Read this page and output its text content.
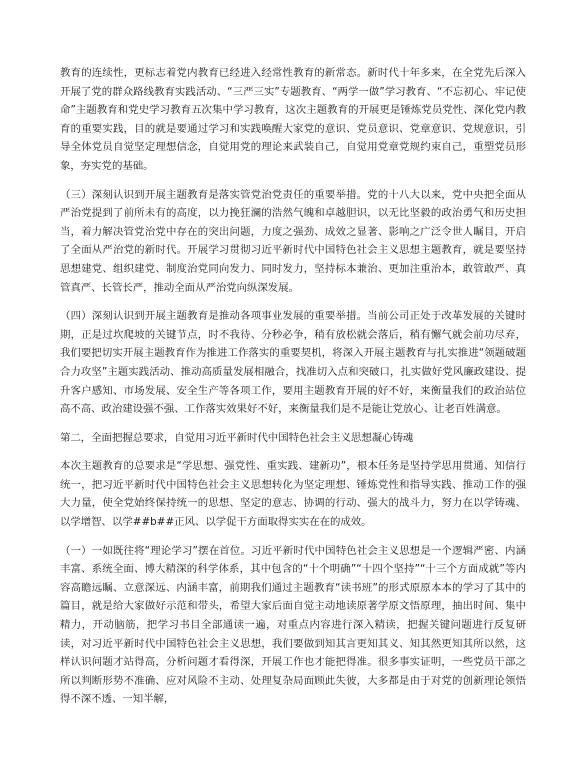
教育的连续性，更标志着党内教育已经进入经常性教育的新常态。新时代十年多来，在全党先后深入开展了党的群众路线教育实践活动、“三严三实”专题教育、“两学一做”学习教育、“不忘初心、牢记使命”主题教育和党史学习教育五次集中学习教育，这次主题教育的开展更是锤炼党员党性、深化党内教育的重要实践，目的就是要通过学习和实践唤醒大家党的意识、党员意识、党章意识、党规意识，引导全体党员自觉坚定理想信念，自觉用党的理论来武装自己，自觉用党章党规约束自己，重塑党员形象，夯实党的基础。

（三）深刻认识到开展主题教育是落实管党治党责任的重要举措。党的十八大以来，党中央把全面从严治党提到了前所未有的高度，以力挽狂澜的浩然气魄和卓越胆识，以无比坚毅的政治勇气和历史担当，着力解决管党治党中存在的突出问题，力度之强劲、成效之显著、影响之广泛令世人瞩目，开启了全面从严治党的新时代。开展学习贯彻习近平新时代中国特色社会主义思想主题教育，就是要坚持思想建党、组织建党、制度治党同向发力、同时发力，坚持标本兼治、更加注重治本，敢管敢严、真管真严、长管长严，推动全面从严治党向纵深发展。

（四）深刻认识到开展主题教育是推动各项事业发展的重要举措。当前公司正处于改革发展的关键时期，正是过坎爬坡的关键节点，时不我待、分秒必争，稍有放松就会落后，稍有懈气就会前功尽弃，我们要把切实开展主题教育作为推进工作落实的重要契机，将深入开展主题教育与扎实推进“领题破题合力攻坚”主题实践活动、推动高质量发展相融合，找准切入点和突破口，扎实做好党风廉政建设、提升客户感知、市场发展、安全生产等各项工作，要用主题教育开展的好不好，来衡量我们的政治站位高不高、政治建设强不强、工作落实效果好不好，来衡量我们是不是能让党放心、让老百姓满意。

第二，全面把握总要求，自觉用习近平新时代中国特色社会主义思想凝心铸魂

本次主题教育的总要求是“学思想、强党性、重实践、建新功”，根本任务是坚持学思用贯通、知信行统一，把习近平新时代中国特色社会主义思想转化为坚定理想、锤炼党性和指导实践、推动工作的强大力量，使全党始终保持统一的思想、坚定的意志、协调的行动、强大的战斗力，努力在以学铸魂、以学增智、以学##b##正风、以学促干方面取得实实在在的成效。

（一）一如既往将“理论学习”摆在首位。习近平新时代中国特色社会主义思想是一个逻辑严密、内涵丰富、系统全面、博大精深的科学体系，其中包含的“十个明确”“十四个坚持”“十三个方面成就”等内容高瞻远瞩、立意深远、内涵丰富，前期我们通过主题教育“读书班”的形式原原本本的学习了其中的篇目，就是给大家做好示范和带头，希望大家后面自觉主动地读原著学原文悟原理，抽出时间、集中精力，开动脑筋，把学习书目全部通读一遍，对重点内容进行深入精读，把握关键问题进行反复研读，对习近平新时代中国特色社会主义思想，我们要做到知其言更知其义、知其然更知其所以然，这样认识问题才站得高，分析问题才看得深，开展工作也才能把得准。很多事实证明，一些党员干部之所以判断形势不准确、应对风险不主动、处理复杂局面顾此失彼，大多都是由于对党的创新理论领悟得不深不透、一知半解，
